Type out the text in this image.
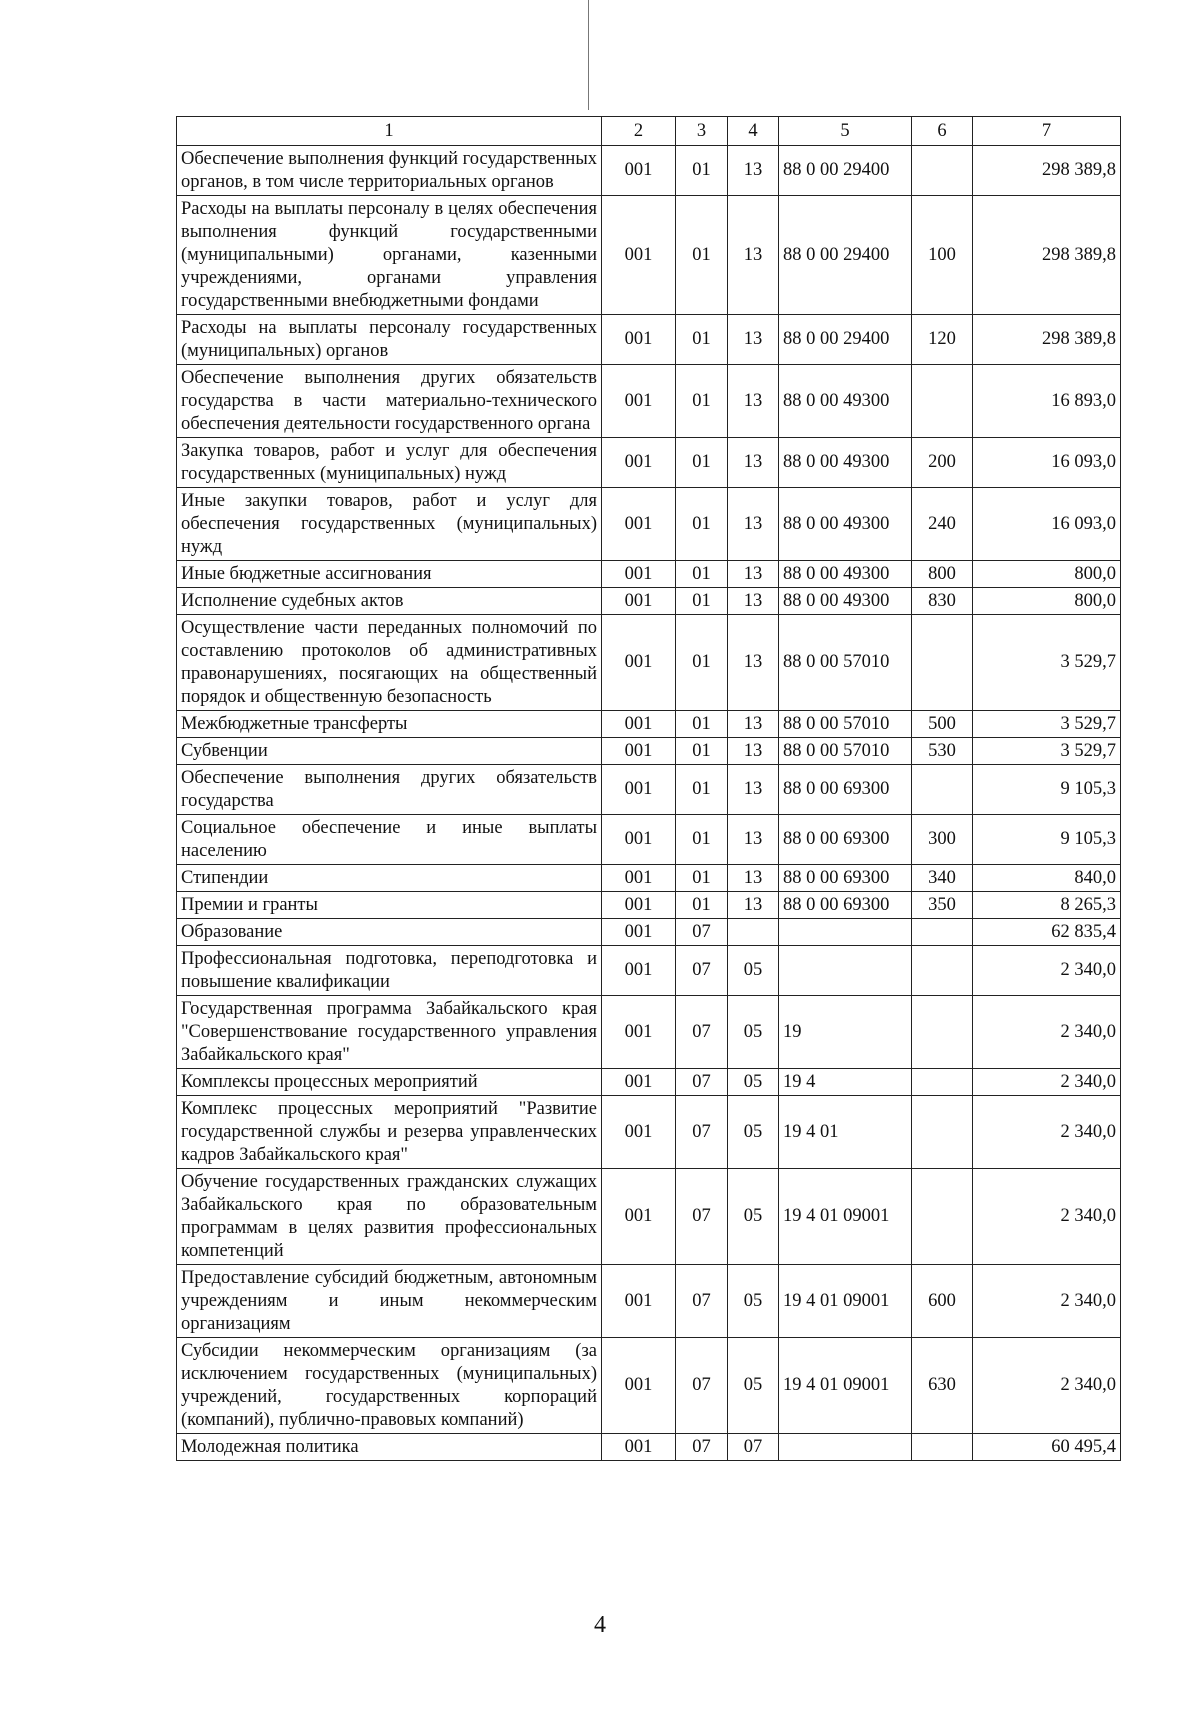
1	2	3	4	5	6	7
Обеспечение выполнения функций государственных органов, в том числе территориальных органов	001	01	13	88 0 00 29400		298 389,8
Расходы на выплаты персоналу в целях обеспечения выполнения функций государственными (муниципальными) органами, казенными учреждениями, органами управления государственными внебюджетными фондами	001	01	13	88 0 00 29400	100	298 389,8
Расходы на выплаты персоналу государственных (муниципальных) органов	001	01	13	88 0 00 29400	120	298 389,8
Обеспечение выполнения других обязательств государства в части материально-технического обеспечения деятельности государственного органа	001	01	13	88 0 00 49300		16 893,0
Закупка товаров, работ и услуг для обеспечения государственных (муниципальных) нужд	001	01	13	88 0 00 49300	200	16 093,0
Иные закупки товаров, работ и услуг для обеспечения государственных (муниципальных) нужд	001	01	13	88 0 00 49300	240	16 093,0
Иные бюджетные ассигнования	001	01	13	88 0 00 49300	800	800,0
Исполнение судебных актов	001	01	13	88 0 00 49300	830	800,0
Осуществление части переданных полномочий по составлению протоколов об административных правонарушениях, посягающих на общественный порядок и общественную безопасность	001	01	13	88 0 00 57010		3 529,7
Межбюджетные трансферты	001	01	13	88 0 00 57010	500	3 529,7
Субвенции	001	01	13	88 0 00 57010	530	3 529,7
Обеспечение выполнения других обязательств государства	001	01	13	88 0 00 69300		9 105,3
Социальное обеспечение и иные выплаты населению	001	01	13	88 0 00 69300	300	9 105,3
Стипендии	001	01	13	88 0 00 69300	340	840,0
Премии и гранты	001	01	13	88 0 00 69300	350	8 265,3
Образование	001	07				62 835,4
Профессиональная подготовка, переподготовка и повышение квалификации	001	07	05			2 340,0
Государственная программа Забайкальского края "Совершенствование государственного управления Забайкальского края"	001	07	05	19		2 340,0
Комплексы процессных мероприятий	001	07	05	19 4		2 340,0
Комплекс процессных мероприятий "Развитие государственной службы и резерва управленческих кадров Забайкальского края"	001	07	05	19 4 01		2 340,0
Обучение государственных гражданских служащих Забайкальского края по образовательным программам в целях развития профессиональных компетенций	001	07	05	19 4 01 09001		2 340,0
Предоставление субсидий бюджетным, автономным учреждениям и иным некоммерческим организациям	001	07	05	19 4 01 09001	600	2 340,0
Субсидии некоммерческим организациям (за исключением государственных (муниципальных) учреждений, государственных корпораций (компаний), публично-правовых компаний)	001	07	05	19 4 01 09001	630	2 340,0
Молодежная политика	001	07	07			60 495,4
4
